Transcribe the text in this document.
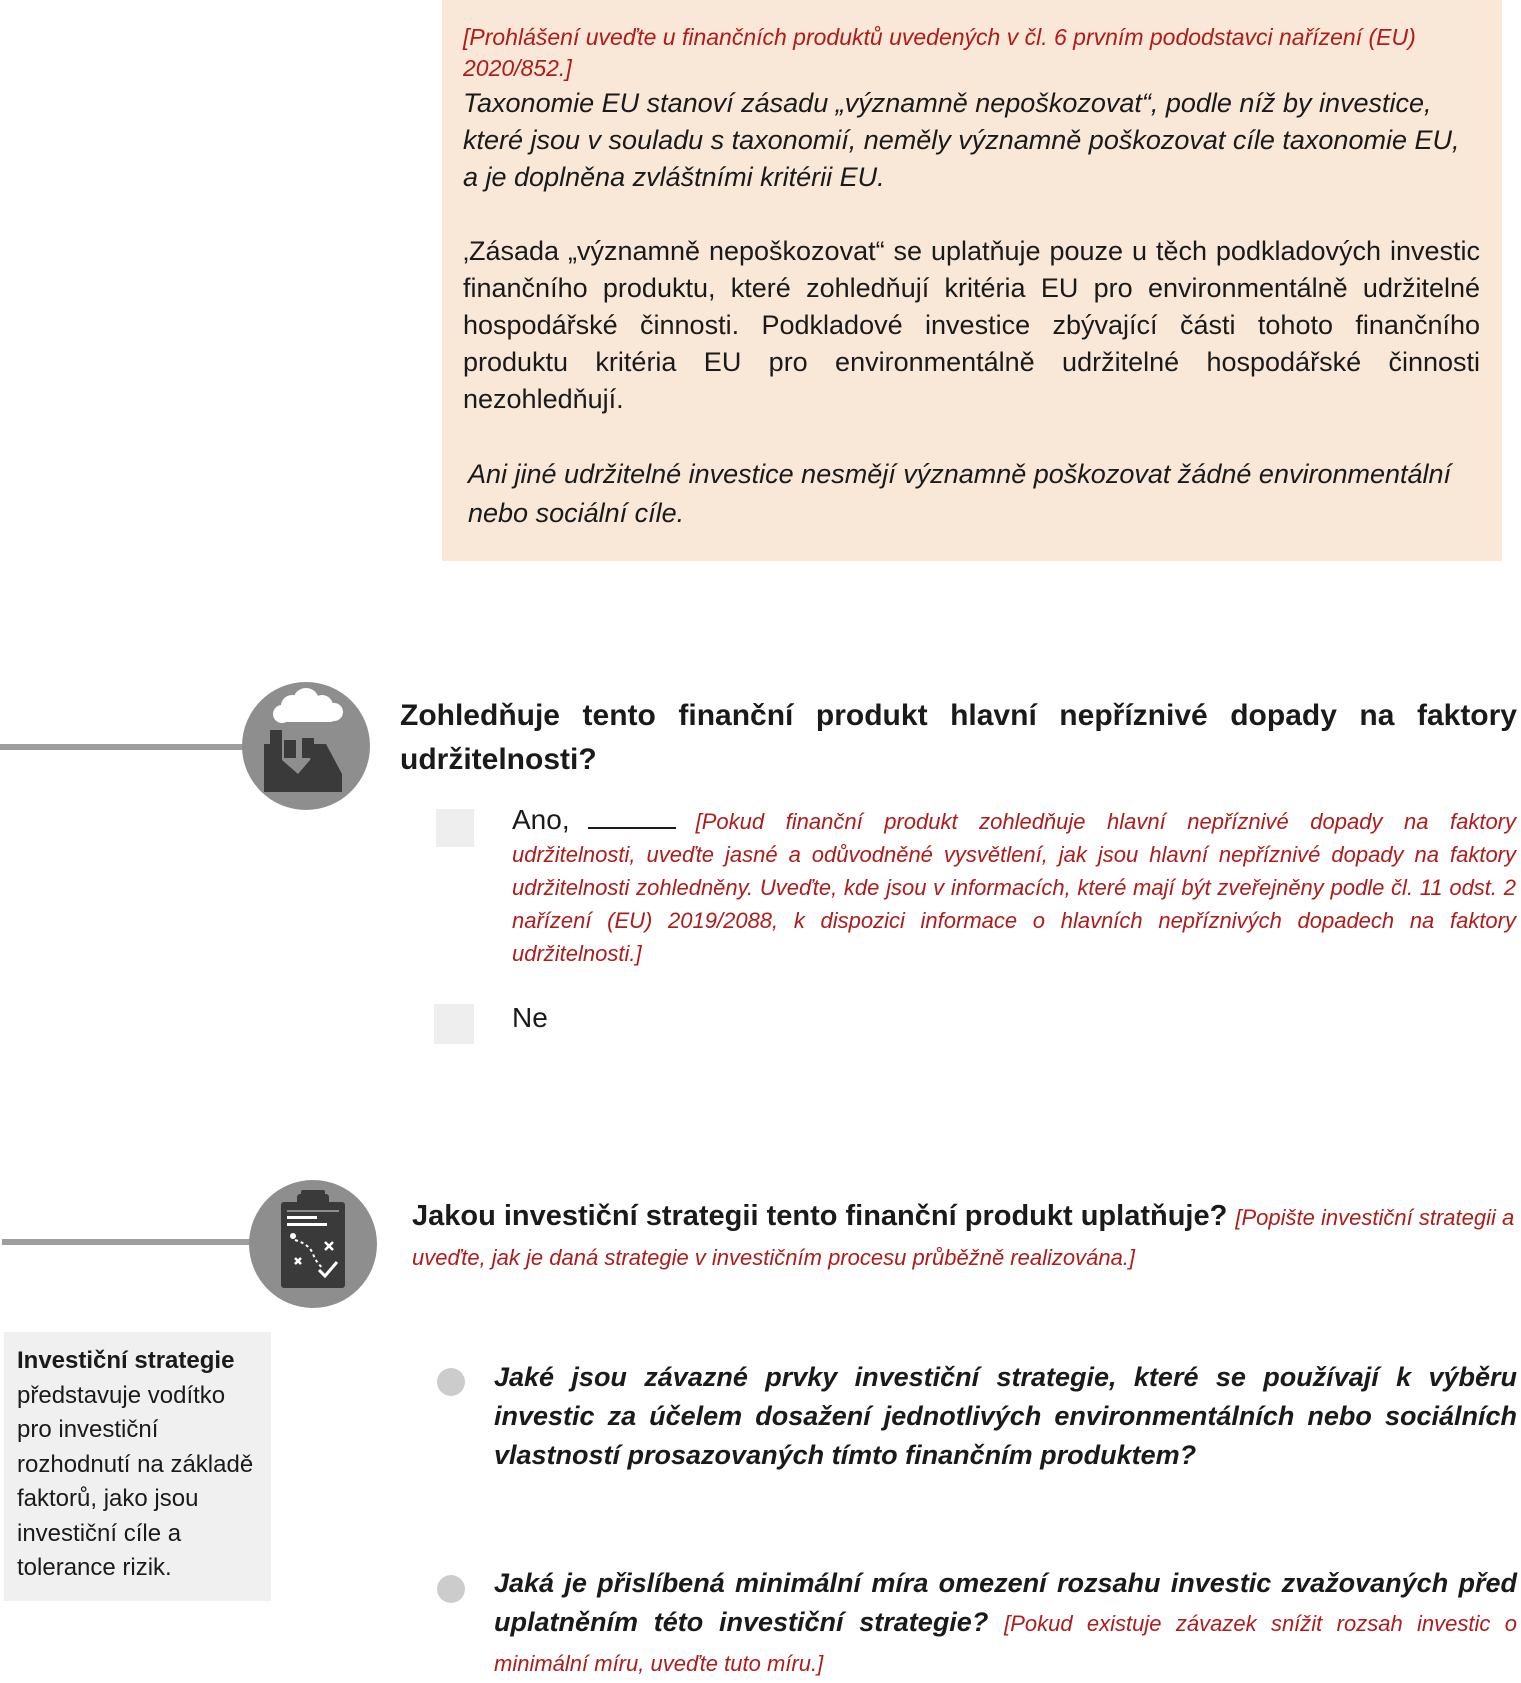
[Prohlášení uveďte u finančních produktů uvedených v čl. 6 prvním pododstavci nařízení (EU) 2020/852.]
Taxonomie EU stanoví zásadu „významně nepoškozovat“, podle níž by investice, které jsou v souladu s taxonomií, neměly významně poškozovat cíle taxonomie EU, a je doplněna zvláštními kritérii EU.
‚Zásada „významně nepoškozovat“ se uplatňuje pouze u těch podkladových investic finančního produktu, které zohledňují kritéria EU pro environmentálně udržitelné hospodářské činnosti. Podkladové investice zbývající části tohoto finančního produktu kritéria EU pro environmentálně udržitelné hospodářské činnosti nezohledňují.
Ani jiné udržitelné investice nesmějí významně poškozovat žádné environmentální nebo sociální cíle.
Zohledňuje tento finanční produkt hlavní nepříznivé dopady na faktory udržitelnosti?
Ano,	[Pokud finanční produkt zohledňuje hlavní nepříznivé dopady na faktory udržitelnosti, uveďte jasné a odůvodněné vysvětlení, jak jsou hlavní nepříznivé dopady na faktory udržitelnosti zohledněny. Uveďte, kde jsou v informacích, které mají být zveřejněny podle čl. 11 odst. 2 nařízení (EU) 2019/2088, k dispozici informace o hlavních nepříznivých dopadech na faktory udržitelnosti.]
Ne
Jakou investiční strategii tento finanční produkt uplatňuje? [Popište investiční strategii a uveďte, jak je daná strategie v investičním procesu průběžně realizována.]
Investiční strategie představuje vodítko pro investiční rozhodnutí na základě faktorů, jako jsou investiční cíle a tolerance rizik.
Jaké jsou závazné prvky investiční strategie, které se používají k výběru investic za účelem dosažení jednotlivých environmentálních nebo sociálních vlastností prosazovaných tímto finančním produktem?
Jaká je přislíbená minimální míra omezení rozsahu investic zvažovaných před uplatněním této investiční strategie? [Pokud existuje závazek snížit rozsah investic o minimální míru, uveďte tuto míru.]
